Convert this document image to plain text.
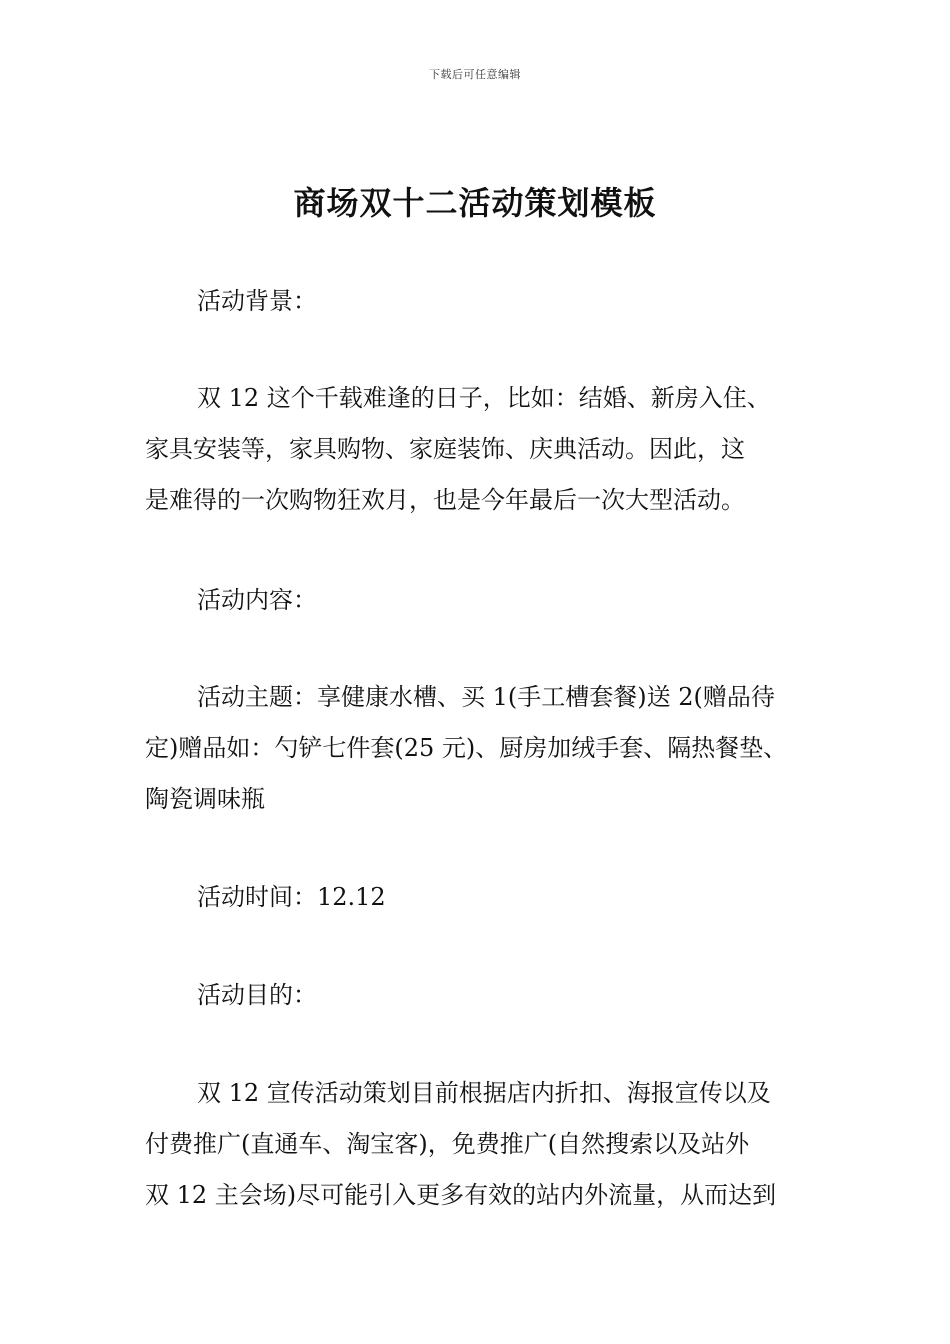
下载后可任意编辑
商场双十二活动策划模板

活动背景：

双 12 这个千载难逢的日子，比如：结婚、新房入住、
家具安装等，家具购物、家庭装饰、庆典活动。因此，这
是难得的一次购物狂欢月，也是今年最后一次大型活动。

活动内容：

活动主题：享健康水槽、买 1(手工槽套餐)送 2(赠品待
定)赠品如：勺铲七件套(25 元)、厨房加绒手套、隔热餐垫、
陶瓷调味瓶

活动时间：12.12

活动目的：

双 12 宣传活动策划目前根据店内折扣、海报宣传以及
付费推广(直通车、淘宝客)，免费推广(自然搜索以及站外
双 12 主会场)尽可能引入更多有效的站内外流量，从而达到
